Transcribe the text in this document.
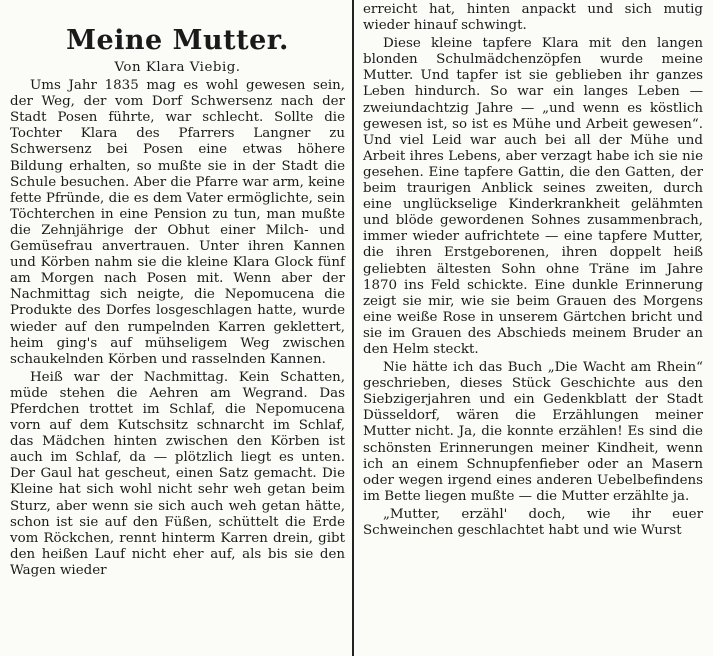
Meine Mutter.
Von Klara Viebig.

Ums Jahr 1835 mag es wohl gewesen sein, der Weg, der vom Dorf Schwersenz nach der Stadt Posen führte, war schlecht. Sollte die Tochter Klara des Pfarrers Langner zu Schwersenz bei Posen eine etwas höhere Bildung erhalten, so mußte sie in der Stadt die Schule besuchen. Aber die Pfarre war arm, keine fette Pfründe, die es dem Vater ermöglichte, sein Töchterchen in eine Pension zu tun, man mußte die Zehnjährige der Obhut einer Milch- und Gemüsefrau anvertrauen. Unter ihren Kannen und Körben nahm sie die kleine Klara Glock fünf am Morgen nach Posen mit. Wenn aber der Nachmittag sich neigte, die Nepomucena die Produkte des Dorfes losgeschlagen hatte, wurde wieder auf den rumpelnden Karren geklettert, heim ging's auf mühseligem Weg zwischen schaukelnden Körben und rasselnden Kannen.

Heiß war der Nachmittag. Kein Schatten, müde stehen die Aehren am Wegrand. Das Pferdchen trottet im Schlaf, die Nepomucena vorn auf dem Kutschsitz schnarcht im Schlaf, das Mädchen hinten zwischen den Körben ist auch im Schlaf, da — plötzlich liegt es unten. Der Gaul hat gescheut, einen Satz gemacht. Die Kleine hat sich wohl nicht sehr weh getan beim Sturz, aber wenn sie sich auch weh getan hätte, schon ist sie auf den Füßen, schüttelt die Erde vom Röckchen, rennt hinterm Karren drein, gibt den heißen Lauf nicht eher auf, als bis sie den Wagen wieder

erreicht hat, hinten anpackt und sich mutig wieder hinauf schwingt.

Diese kleine tapfere Klara mit den langen blonden Schulmädchenzöpfen wurde meine Mutter. Und tapfer ist sie geblieben ihr ganzes Leben hindurch. So war ein langes Leben — zweiundachtzig Jahre — „und wenn es köstlich gewesen ist, so ist es Mühe und Arbeit gewesen“. Und viel Leid war auch bei all der Mühe und Arbeit ihres Lebens, aber verzagt habe ich sie nie gesehen. Eine tapfere Gattin, die den Gatten, der beim traurigen Anblick seines zweiten, durch eine unglückselige Kinderkrankheit gelähmten und blöde gewordenen Sohnes zusammenbrach, immer wieder aufrichtete — eine tapfere Mutter, die ihren Erstgeborenen, ihren doppelt heiß geliebten ältesten Sohn ohne Träne im Jahre 1870 ins Feld schickte. Eine dunkle Erinnerung zeigt sie mir, wie sie beim Grauen des Morgens eine weiße Rose in unserem Gärtchen bricht und sie im Grauen des Abschieds meinem Bruder an den Helm steckt.

Nie hätte ich das Buch „Die Wacht am Rhein“ geschrieben, dieses Stück Geschichte aus den Siebzigerjahren und ein Gedenkblatt der Stadt Düsseldorf, wären die Erzählungen meiner Mutter nicht. Ja, die konnte erzählen! Es sind die schönsten Erinnerungen meiner Kindheit, wenn ich an einem Schnupfenfieber oder an Masern oder wegen irgend eines anderen Uebelbefindens im Bette liegen mußte — die Mutter erzählte ja.

„Mutter, erzähl' doch, wie ihr euer Schweinchen geschlachtet habt und wie Wurst
